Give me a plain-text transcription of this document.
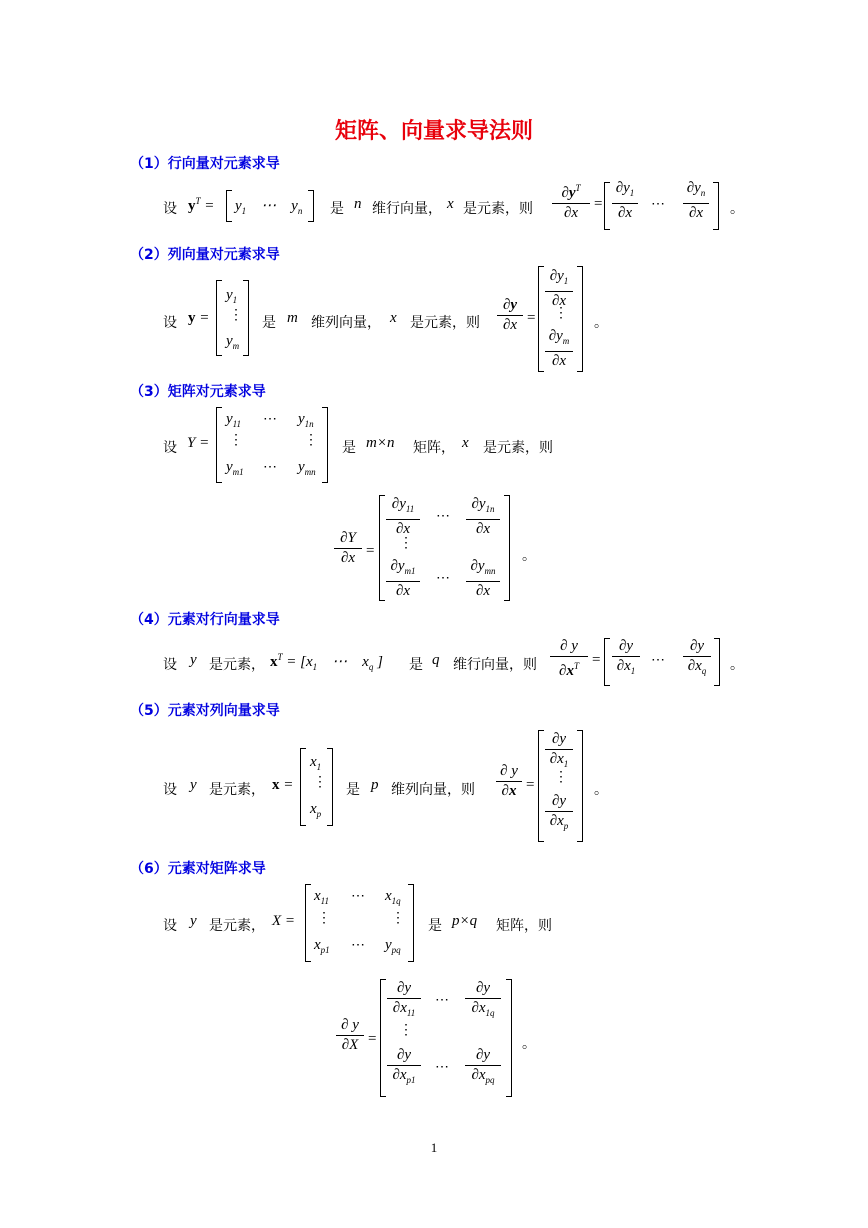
矩阵、向量求导法则
（1）行向量对元素求导
设 $y^T = y_1$    ⋯    $y_n$ 是 n 维行向量， x 是元素，则 $\frac{\partial y^T}{\partial x} = \frac{\partial y_1}{\partial x}$ ⋯ $\frac{\partial y_n}{\partial x}$ 。
（2）列向量对元素求导
设 y =
$y_1$
⋮
$y_m$
是 m 维列向量， x 是元素，则 $\frac{\partial y}{\partial x}$ =
$\frac{\partial y_1}{\partial x}$
⋮
$\frac{\partial y_m}{\partial x}$
。
（3）矩阵对元素求导
设 Y =
$y_{11}$ ⋯ $y_{1n}$
⋮	⋮
$y_{m1}$ ⋯ $y_{mn}$
是 m×n 矩阵， x 是元素，则
$\frac{\partial Y}{\partial x}$ =
$\frac{\partial y_{11}}{\partial x}$ ⋯ $\frac{\partial y_{1n}}{\partial x}$
⋮
$\frac{\partial y_{m1}}{\partial x}$ ⋯
$\partial y_{mn}$
∂x
。
（4）元素对行向量求导
设 y 是元素， $x^T = [x_1$    ⋯    $x_q$ ] 是 q 维行向量，则 $\frac{\partial y}{\partial x^T} = \frac{\partial y}{\partial x_1}$ ⋯ $\frac{\partial y}{\partial x_q}$ 。
（5）元素对列向量求导
设 y 是元素， x =
$x_1$
⋮
$x_p$
是 p 维列向量，则 $\frac{\partial y}{\partial x}$ =
$\frac{\partial y}{\partial x_1}$
⋮
$\frac{\partial y}{\partial x_p}$
。
（6）元素对矩阵求导
设 y 是元素， X =
$x_{11}$ ⋯ $x_{1q}$
⋮	⋮
$x_{p1}$ ⋯ $y_{pq}$
是 p×q 矩阵，则
$\frac{\partial y}{\partial X}$ =
$\frac{\partial y}{\partial x_{11}}$ ⋯ $\frac{\partial y}{\partial x_{1q}}$
⋮
$\frac{\partial y}{\partial x_{p1}}$ ⋯
∂y
$\partial x_{pq}$
。
1
